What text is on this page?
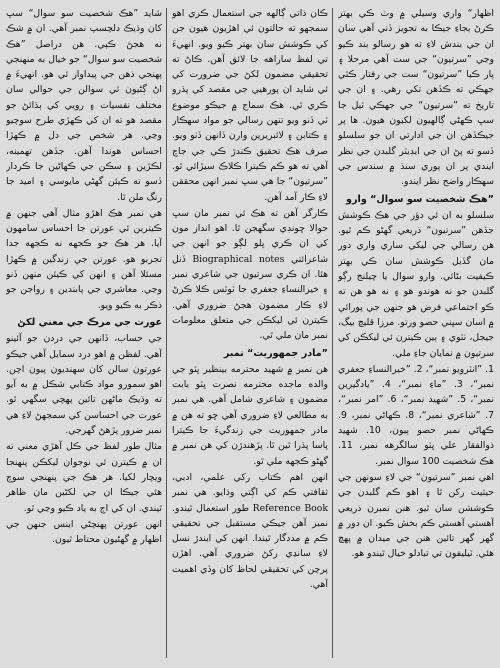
اظهار“ واري وسيلي ۾ وٽ ڪي بهتر ڪرڻ بجاءِ جيڪا به تجويز ڏني آهي سان ان جي بندش لاءِ ته هو رسالو بند ڪيو وڃي ”سرتيون“ جي ست آهي مرحلا ۽ پار ڪيا ”سرتيون“ ست جي رفتار ڪٿي جهڪي ته ڪڏهن تکي رهي. ۽ ان جي تاريخ ته ”سرتيون“ جي جهڪي ٽيل جا سڀ ڪهڻي ڳالهيون لکيون هيون. ها پر جيڪڏهن ان جي ادارتي ان جو سلسلو ڏسو ته پڻ ان جي ايڊيٽر گلبدن جي نظر ايندي پر ان پوري سنڌ ۾ سندس جي سهڪار واضح نظر ايندو.

”هڪ شخصيت سو سوال“ وارو

سلسلو به ان ئي دؤر جي هڪ ڪوشش جڏهن ”سرتيون“ ذريعي گهڻو ڪم ٿيو. هن رسالي جي ليکي ساري واري دور مان گڏيل ڪوشش سان ڪي بهتر ڪيفيت بڻائي. وارو سوال يا چيلنج رڳو گلبدن جو نه هوندو هو ۽ نه هو هن ته ڪو اجتماعي فرض هو جنهن جي پورائي ۾ اسان سڀني حصو ورتو. مرزا قليچ بيگ، جيجل، ٺٽوي ۽ ٻين ڪيترن ئي ليکڪن کي سرتيون ۾ نمايان جاءِ ملي.

1. ”انٽرويو نمبر“، 2. ”خيرالنساءِ جعفري نمبر“، 3. ”ماءِ نمبر“، 4. ”يادگيرين نمبر“، 5. ”شهيد نمبر“، 6. ”امر نمبر“، 7. ”شاعري نمبر“، 8. ڪهاڻي نمبر، 9. ڪهاڻي نمبر حصو ٻيون، 10. شهيد ذوالفقار علي ڀٽو سالگرهه نمبر، 11. هڪ شخصيت 100 سوال نمبر.

اهي نمبر ”سرتيون“ جي لاءِ سونهن جي حيثيت رکن ٿا ۽ اهو ڪم گلبدن جي ڪوششن سان ٿيو. هنن نمبرن ذريعي آهستي آهستي ڪم بخش ڪيو. ان دور ۾ گهر گهر تائين هنن جي ميدان ۾ پهچ هئي. ٽيليفون تي تبادلو خيال ٿيندو هو.

ڪان ذاتي ڳالهه جي استعمال ڪري اهو سمجهو ته حالتون ئي اهڙيون هيون جن کي ڪوشش سان بهتر ڪيو ويو. انهيءَ تي لفظ ساراهه جا لائق آهن. ڪاڻ ته تحقيقي مضمون لکڻ جي ضرورت کي ئي شايد ان پورهيي جي مقصد کي پڌرو ڪري ٿي. هڪ سماج ۾ جيڪو موضوع ٽي ڏنو ويو تنهن رسالي جو مواد سهڪار ۽ ڪتابن ۽ لائبريرين وارن ڏانهن ڏٺو ويو. صرف هڪ تحقيق ڪندڙ ڪي جي جاچ آهي ته هو ڪم ڪيترا ڪلاڪ سيڙائي ٿو. ”سرتيون“ جا هي سڀ نمبر انهن محققن لاءِ ڪار آمد آهن.

ڪارگر آهن ته هڪ ئي نمبر مان سڀ حوالا ڇونڊي سگهجن ٿا. اهو انداز مون کي ان ڪري ڀلو لڳو جو انهن جي شاعرائتي Biographical notes ڏنل هئا. ان ڪري سرتيون جي شاعري نمبر ۽ خيرالنساءِ جعفري جا ٽوٽس ڪلا ڪرڻ لاءِ ڪار مضمون هجڻ ضروري آهي. ڪيترن ئي ليکڪن جي متعلق معلومات نمبر مان ملي ٿي.

”مادر جمهوريت“ نمبر

هن نمبر ۾ شهيد محترمه بينظير ڀٽو جي والده ماجده محترمه نصرت ڀٽو بابت مضمون ۽ شاعري شامل آهي. هي نمبر به مطالعي لاءِ ضروري آهي ڇو ته هن ۾ مادر جمهوريت جي زندگيءَ جا ڪيترا پاسا پڌرا ٿين ٿا. پڙهندڙن کي هن نمبر ۾ گهڻو ڪجهه ملي ٿو.

انهن اهم ڪتاب رکي علمي، ادبي، ثقافتي ڪم کي اڳتي وڌايو. هي نمبر Reference Book طور استعمال ٿيندو. نمبر آهن جيڪي مستقبل جي تحقيقي ڪم ۾ مددگار ٿيندا. انهن کي ايندڙ نسل لاءِ سانڍي رکڻ ضروري آهي. اهڙن پرچن کي تحقيقي لحاظ کان وڏي اهميت آهي.

شايد ”هڪ شخصيت سو سوال“ سڀ کان وڌيڪ دلچسپ نمبر آهي. ان ۾ شڪ نه هجڻ ڪپي. هن دراصل ”هڪ شخصيت سو سوال“ جو خيال به منهنجي پهنجي ذهن جي پيداوار ئي هو. انهيءَ ۾ اڻ ڳڻيون ئي سوالن جي حوالي سان مختلف نفسيات ۽ رويي کي ٻڌائڻ جو مقصد هو ته ان کي ڪهڙي طرح سوچيو وڃي. هر شخص جي دل ۾ ڪهڙا احساس هوندا آهن. جڏهن تهمينه، لڪڙين ۽ سڪن جي ڪهاڻين جا ڪردار ڏسو ته ڪيئن گهڻي مايوسي ۽ اميد جا رنگ ملن ٿا.

هي نمبر هڪ اهڙو مثال آهي جنهن ۾ ڪيترين ئي عورتن جا احساس سامهون آيا. هر هڪ جو ڪجهه نه ڪجهه جدا تجربو هو. عورتن جي زندگين ۾ ڪهڙا مسئلا آهن ۽ انهن کي ڪيئن منهن ڏنو وڃي. معاشري جي پابندين ۽ رواجن جو ذڪر به ڪيو ويو.

عورت جي مرڪ جي معني لکڻ

جي حساب، ڏانهن جي دردن جو آئينو آهي. لفظن ۾ اهو درد سمايل آهي جيڪو عورتون سالن کان سهنديون پيون اچن. اهو سمورو مواد ڪتابي شڪل ۾ به آيو ته وڌيڪ ماڻهن تائين پهچي سگهي ٿو. عورت جي احساسن کي سمجهڻ لاءِ هي نمبر ضرور پڙهڻ گهرجي.

مثال طور لفظ جي ڪل آهڙي معني ته ان ۾ ڪيترن ئي نوجوان ليکڪن پنهنجا ويچار لکيا. هر هڪ جي پنهنجي سوچ هئي جيڪا ان جي لکڻين مان ظاهر ٿيندي. ان کي اڄ به ياد ڪيو وڃي ٿو.

انهن عورتن پهنچڻي اينس جنهن جي اظهار ۾ گهڻيون محتاط ٿيون.
